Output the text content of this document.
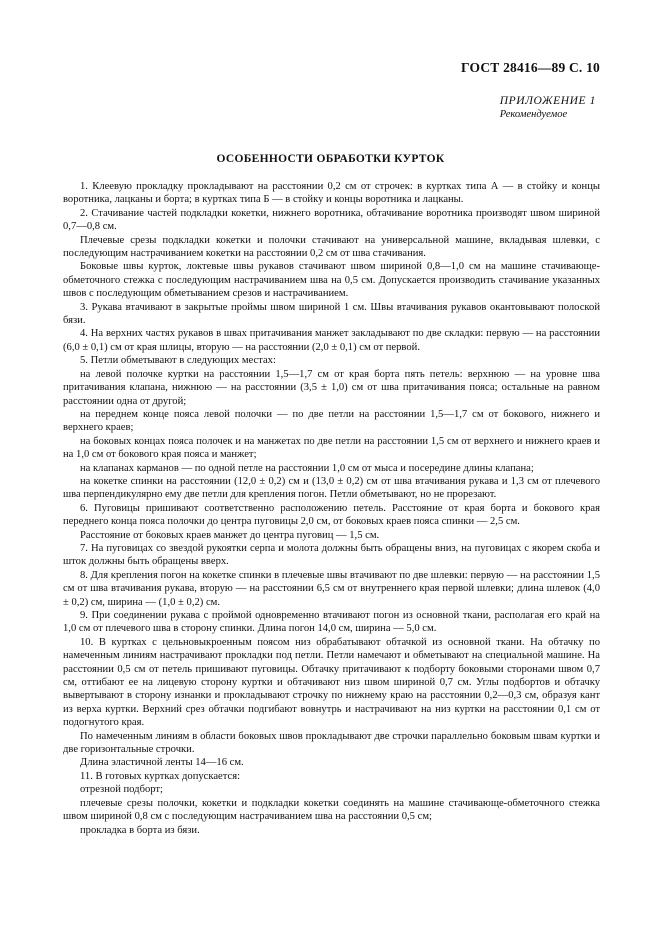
ГОСТ 28416—89 С. 10
ПРИЛОЖЕНИЕ 1
Рекомендуемое
ОСОБЕННОСТИ ОБРАБОТКИ КУРТОК

1. Клеевую прокладку прокладывают на расстоянии 0,2 см от строчек: в куртках типа А — в стойку и концы воротника, лацканы и борта; в куртках типа Б — в стойку и концы воротника и лацканы.

2. Стачивание частей подкладки кокетки, нижнего воротника, обтачивание воротника производят швом шириной 0,7—0,8 см.

Плечевые срезы подкладки кокетки и полочки стачивают на универсальной машине, вкладывая шлевки, с последующим настрачиванием кокетки на расстоянии 0,2 см от шва стачивания.

Боковые швы курток, локтевые швы рукавов стачивают швом шириной 0,8—1,0 см на машине стачивающе-обметочного стежка с последующим настрачиванием шва на 0,5 см. Допускается производить стачивание указанных швов с последующим обметыванием срезов и настрачиванием.

3. Рукава втачивают в закрытые проймы швом шириной 1 см. Швы втачивания рукавов окантовывают полоской бязи.

4. На верхних частях рукавов в швах притачивания манжет закладывают по две складки: первую — на расстоянии (6,0 ± 0,1) см от края шлицы, вторую — на расстоянии (2,0 ± 0,1) см от первой.

5. Петли обметывают в следующих местах:

на левой полочке куртки на расстоянии 1,5—1,7 см от края борта пять петель: верхнюю — на уровне шва притачивания клапана, нижнюю — на расстоянии (3,5 ± 1,0) см от шва притачивания пояса; остальные на равном расстоянии одна от другой;

на переднем конце пояса левой полочки — по две петли на расстоянии 1,5—1,7 см от бокового, нижнего и верхнего краев;

на боковых концах пояса полочек и на манжетах по две петли на расстоянии 1,5 см от верхнего и нижнего краев и на 1,0 см от бокового края пояса и манжет;

на клапанах карманов — по одной петле на расстоянии 1,0 см от мыса и посередине длины клапана;

на кокетке спинки на расстоянии (12,0 ± 0,2) см и (13,0 ± 0,2) см от шва втачивания рукава и 1,3 см от плечевого шва перпендикулярно ему две петли для крепления погон. Петли обметывают, но не прорезают.

6. Пуговицы пришивают соответственно расположению петель. Расстояние от края борта и бокового края переднего конца пояса полочки до центра пуговицы 2,0 см, от боковых краев пояса спинки — 2,5 см.

Расстояние от боковых краев манжет до центра пуговиц — 1,5 см.

7. На пуговицах со звездой рукоятки серпа и молота должны быть обращены вниз, на пуговицах с якорем скоба и шток должны быть обращены вверх.

8. Для крепления погон на кокетке спинки в плечевые швы втачивают по две шлевки: первую — на расстоянии 1,5 см от шва втачивания рукава, вторую — на расстоянии 6,5 см от внутреннего края первой шлевки; длина шлевок (4,0 ± 0,2) см, ширина — (1,0 ± 0,2) см.

9. При соединении рукава с проймой одновременно втачивают погон из основной ткани, располагая его край на 1,0 см от плечевого шва в сторону спинки. Длина погон 14,0 см, ширина — 5,0 см.

10. В куртках с цельновыкроенным поясом низ обрабатывают обтачкой из основной ткани. На обтачку по намеченным линиям настрачивают прокладки под петли. Петли намечают и обметывают на специальной машине. На расстоянии 0,5 см от петель пришивают пуговицы. Обтачку притачивают к подборту боковыми сторонами швом 0,7 см, оттибают ее на лицевую сторону куртки и обтачивают низ швом шириной 0,7 см. Углы подбортов и обтачку вывертывают в сторону изнанки и прокладывают строчку по нижнему краю на расстоянии 0,2—0,3 см, образуя кант из верха куртки. Верхний срез обтачки подгибают вовнутрь и настрачивают на низ куртки на расстоянии 0,1 см от подогнутого края.

По намеченным линиям в области боковых швов прокладывают две строчки параллельно боковым швам куртки и две горизонтальные строчки.

Длина эластичной ленты 14—16 см.

11. В готовых куртках допускается:

отрезной подборт;

плечевые срезы полочки, кокетки и подкладки кокетки соединять на машине стачивающе-обметочного стежка швом шириной 0,8 см с последующим настрачиванием шва на расстоянии 0,5 см;

прокладка в борта из бязи.
